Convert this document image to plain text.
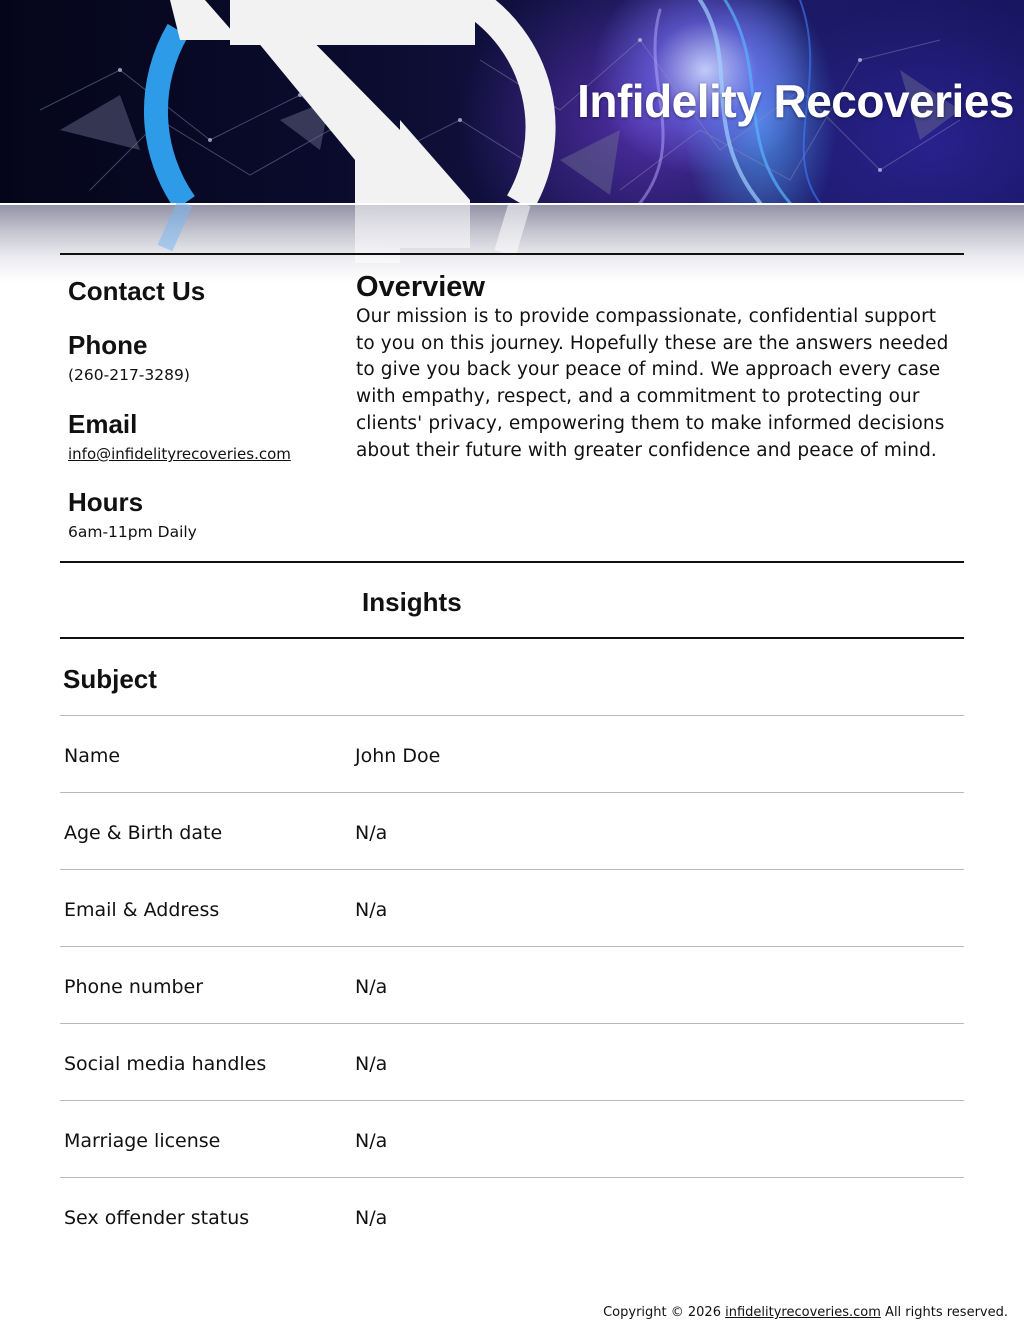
Infidelity Recoveries
Contact Us
Phone
(260-217-3289)
Email
info@infidelityrecoveries.com
Hours
6am-11pm Daily
Overview

Our mission is to provide compassionate, confidential support to you on this journey. Hopefully these are the answers needed to give you back your peace of mind. We approach every case with empathy, respect, and a commitment to protecting our clients' privacy, empowering them to make informed decisions about their future with greater confidence and peace of mind.

Insights
Subject
Name	John Doe
Age & Birth date	N/a
Email & Address	N/a
Phone number	N/a
Social media handles	N/a
Marriage license	N/a
Sex offender status	N/a
Copyright © 2026 infidelityrecoveries.com All rights reserved.
